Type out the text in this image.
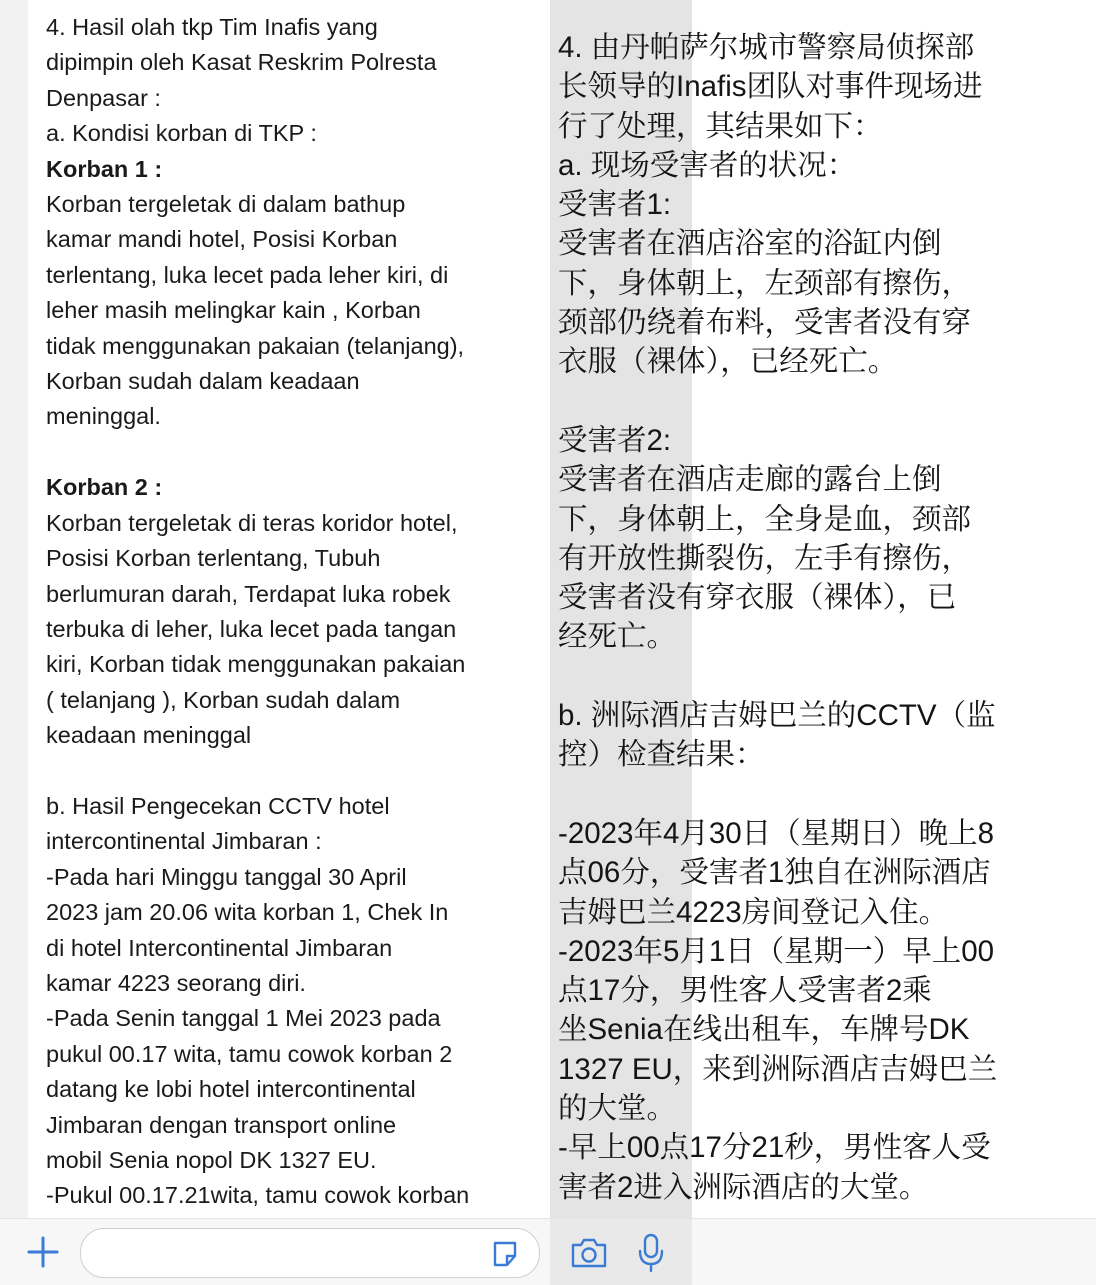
4. Hasil olah tkp Tim Inafis yang
dipimpin oleh Kasat Reskrim Polresta
Denpasar :
a. Kondisi korban di TKP :
Korban 1 :
Korban tergeletak di dalam bathup
kamar mandi hotel, Posisi Korban
terlentang, luka lecet pada leher kiri, di
leher masih melingkar kain , Korban
tidak menggunakan pakaian (telanjang),
Korban sudah dalam keadaan
meninggal.

Korban 2 :
Korban tergeletak di teras koridor hotel,
Posisi Korban terlentang, Tubuh
berlumuran darah, Terdapat luka robek
terbuka di leher, luka lecet pada tangan
kiri, Korban tidak menggunakan pakaian
( telanjang ), Korban sudah dalam
keadaan meninggal

b. Hasil Pengecekan CCTV hotel
intercontinental Jimbaran :
-Pada hari Minggu tanggal 30 April
2023 jam 20.06 wita korban 1, Chek In
di hotel Intercontinental Jimbaran
kamar 4223 seorang diri.
-Pada Senin tanggal 1 Mei 2023 pada
pukul 00.17 wita, tamu cowok korban 2
datang ke lobi hotel intercontinental
Jimbaran dengan transport online
mobil Senia nopol DK 1327 EU.
-Pukul 00.17.21wita, tamu cowok korban
4. 由丹帕萨尔城市警察局侦探部
长领导的Inafis团队对事件现场进
行了处理，其结果如下：
a. 现场受害者的状况：
受害者1:
受害者在酒店浴室的浴缸内倒
下，身体朝上，左颈部有擦伤，
颈部仍绕着布料，受害者没有穿
衣服（裸体），已经死亡。

受害者2:
受害者在酒店走廊的露台上倒
下，身体朝上，全身是血，颈部
有开放性撕裂伤，左手有擦伤，
受害者没有穿衣服（裸体），已
经死亡。

b. 洲际酒店吉姆巴兰的CCTV（监
控）检查结果：

-2023年4月30日（星期日）晚上8
点06分，受害者1独自在洲际酒店
吉姆巴兰4223房间登记入住。
-2023年5月1日（星期一）早上00
点17分，男性客人受害者2乘
坐Senia在线出租车，车牌号DK
1327 EU，来到洲际酒店吉姆巴兰
的大堂。
-早上00点17分21秒，男性客人受
害者2进入洲际酒店的大堂。
